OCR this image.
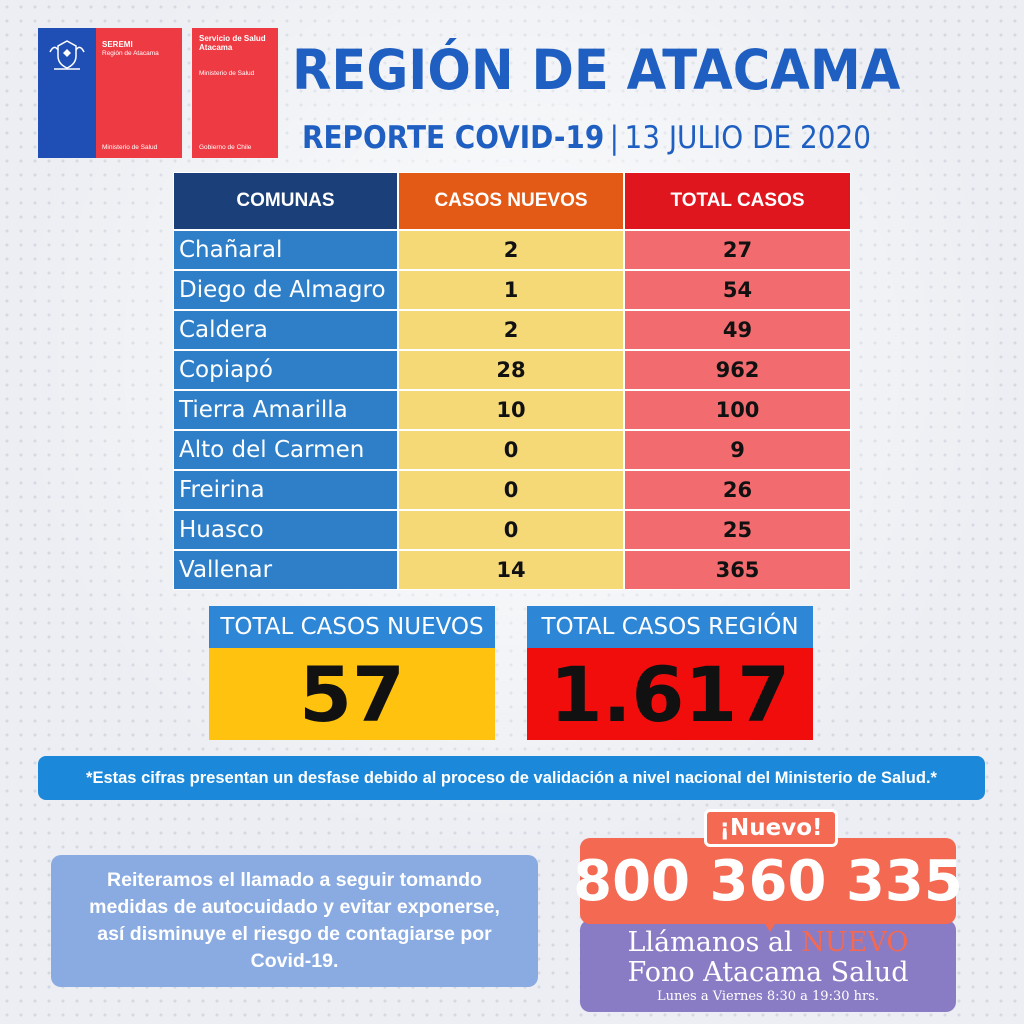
SEREMI
Región de Atacama
Ministerio de Salud
Servicio de Salud Atacama
Ministerio de Salud
Gobierno de Chile
REGIÓN DE ATACAMA
REPORTE COVID-19 | 13 JULIO DE 2020
COMUNAS	CASOS NUEVOS	TOTAL CASOS
Chañaral	2	27
Diego de Almagro	1	54
Caldera	2	49
Copiapó	28	962
Tierra Amarilla	10	100
Alto del Carmen	0	9
Freirina	0	26
Huasco	0	25
Vallenar	14	365
TOTAL CASOS NUEVOS
57
TOTAL CASOS REGIÓN
1.617
*Estas cifras presentan un desfase debido al proceso de validación a nivel nacional del Ministerio de Salud.*
Reiteramos el llamado a seguir tomando medidas de autocuidado y evitar exponerse, así disminuye el riesgo de contagiarse por Covid-19.
¡Nuevo!
800 360 335
Llámanos al NUEVO
Fono Atacama Salud
Lunes a Viernes 8:30 a 19:30 hrs.
